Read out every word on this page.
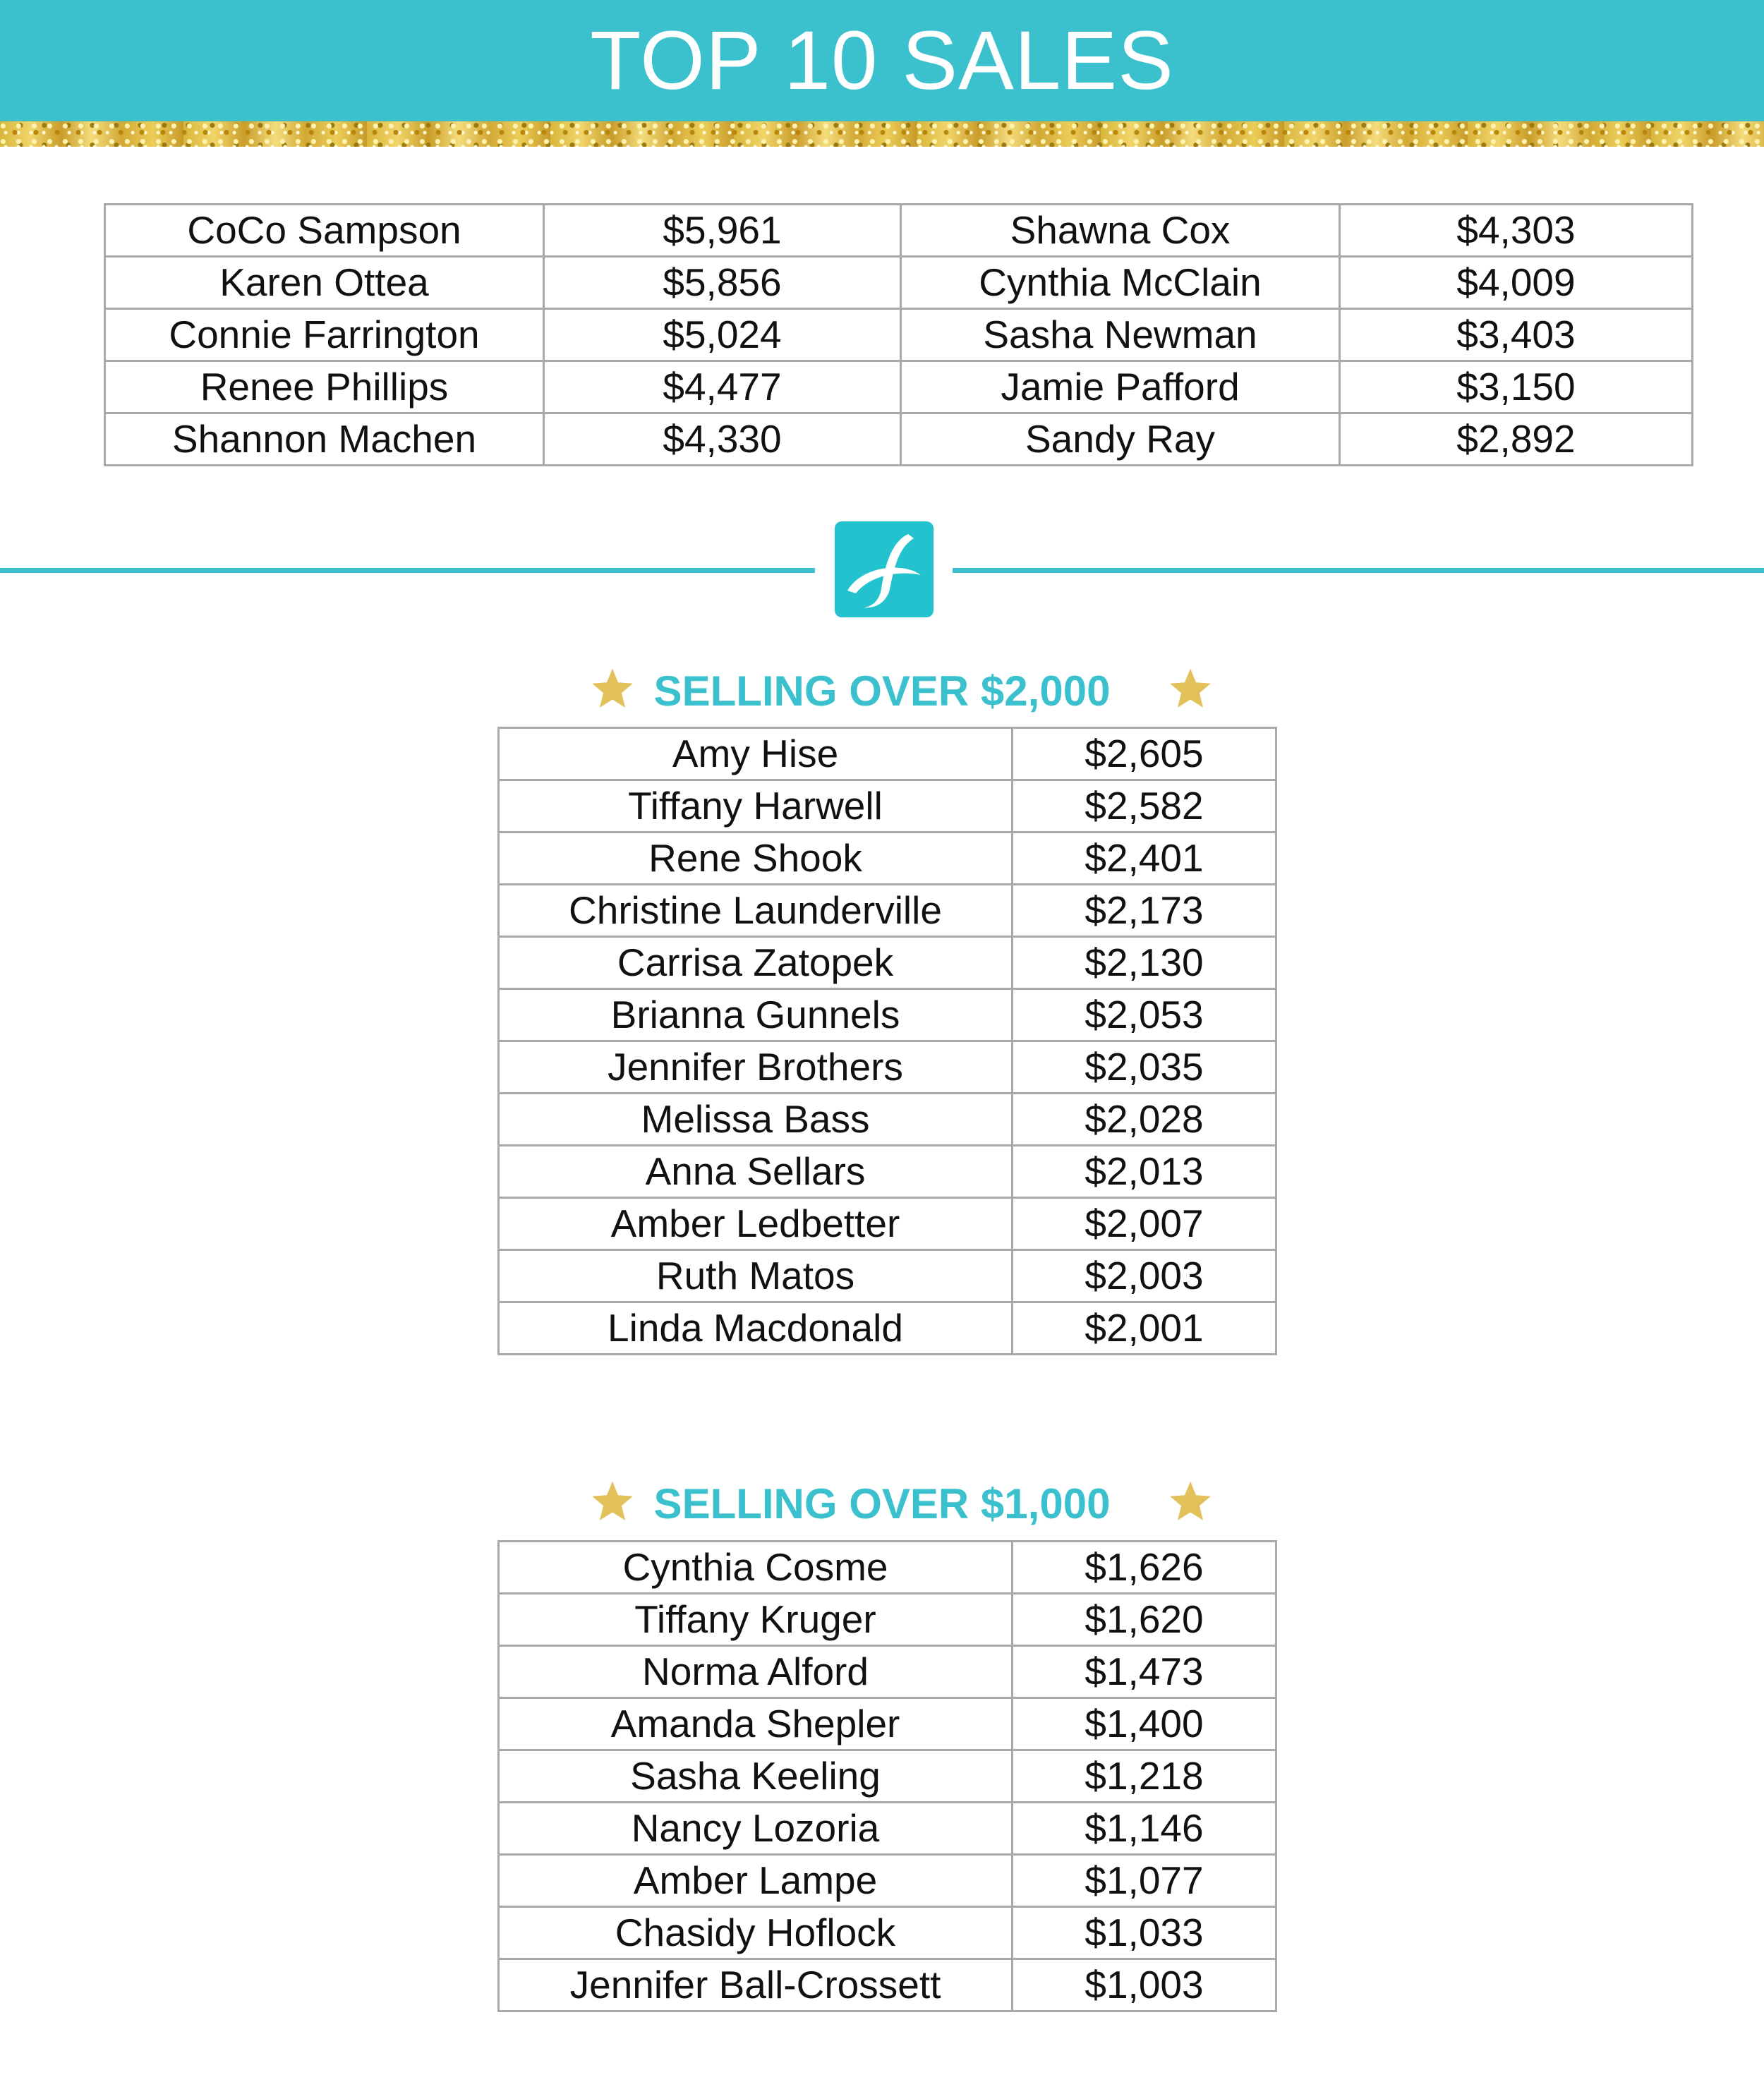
TOP 10 SALES
CoCo Sampson	$5,961	Shawna Cox	$4,303
Karen Ottea	$5,856	Cynthia McClain	$4,009
Connie Farrington	$5,024	Sasha Newman	$3,403
Renee Phillips	$4,477	Jamie Pafford	$3,150
Shannon Machen	$4,330	Sandy Ray	$2,892
SELLING OVER $2,000
Amy Hise	$2,605
Tiffany Harwell	$2,582
Rene Shook	$2,401
Christine Launderville	$2,173
Carrisa Zatopek	$2,130
Brianna Gunnels	$2,053
Jennifer Brothers	$2,035
Melissa Bass	$2,028
Anna Sellars	$2,013
Amber Ledbetter	$2,007
Ruth Matos	$2,003
Linda Macdonald	$2,001
SELLING OVER $1,000
Cynthia Cosme	$1,626
Tiffany Kruger	$1,620
Norma Alford	$1,473
Amanda Shepler	$1,400
Sasha Keeling	$1,218
Nancy Lozoria	$1,146
Amber Lampe	$1,077
Chasidy Hoflock	$1,033
Jennifer Ball-Crossett	$1,003
